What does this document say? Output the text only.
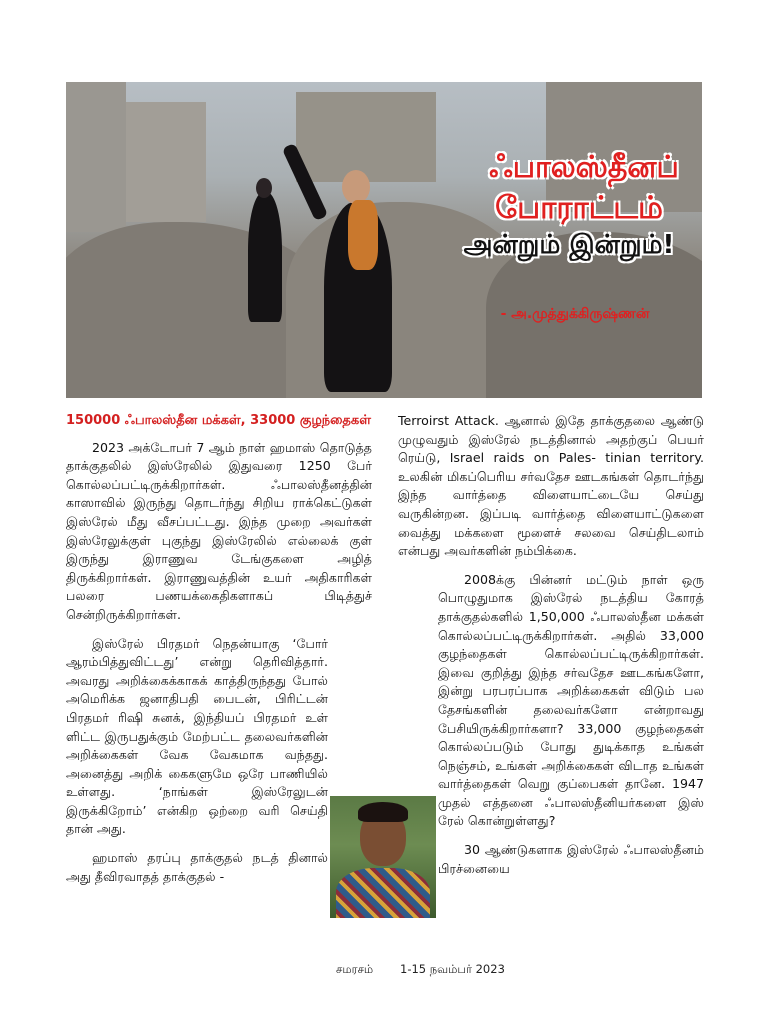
ஃபாலஸ்தீனப்
போராட்டம்
அன்றும் இன்றும்!
- அ.முத்துக்கிருஷ்ணன்
150000 ஃபாலஸ்தீன மக்கள், 33000 குழந்தைகள்

2023 அக்டோபர் 7 ஆம் நாள் ஹமாஸ் தொடுத்த தாக்குதலில் இஸ்ரேலில் இதுவரை 1250 பேர் கொல்லப்பட்டிருக்கிறார்கள். ஃபாலஸ்தீனத்தின் காஸாவில் இருந்து தொடர்ந்து சிறிய ராக்கெட்டுகள் இஸ்ரேல் மீது வீசப்பட்டது. இந்த முறை அவர்கள் இஸ்ரேலுக்குள் புகுந்து இஸ்ரேலில் எல்லைக் குள் இருந்து இராணுவ டேங்குகளை அழித் திருக்கிறார்கள். இராணுவத்தின் உயர் அதிகாரிகள் பலரை பணயக்கைதிகளாகப் பிடித்துச் சென்றிருக்கிறார்கள்.

இஸ்ரேல் பிரதமர் நெதன்யாகு ‘போர் ஆரம்பித்துவிட்டது’ என்று தெரிவித்தார். அவரது அறிக்கைக்காகக் காத்திருந்தது போல் அமெரிக்க ஜனாதிபதி பைடன், பிரிட்டன் பிரதமர் ரிஷி சுனக், இந்தியப் பிரதமர் உள் ளிட்ட இருபதுக்கும் மேற்பட்ட தலைவர்களின் அறிக்கைகள் வேக வேகமாக வந்தது. அனைத்து அறிக் கைகளுமே ஒரே பாணியில் உள்ளது. ‘நாங்கள் இஸ்ரேலுடன் இருக்கிறோம்’ என்கிற ஒற்றை வரி செய்தி தான் அது.

ஹமாஸ் தரப்பு தாக்குதல் நடத் தினால் அது தீவிரவாதத் தாக்குதல் -

Terroirst Attack. ஆனால் இதே தாக்குதலை ஆண்டு முழுவதும் இஸ்ரேல் நடத்தினால் அதற்குப் பெயர் ரெய்டு, Israel raids on Pales- tinian territory. உலகின் மிகப்பெரிய சர்வதேச ஊடகங்கள் தொடர்ந்து இந்த வார்த்தை விளையாட்டையே செய்து வருகின்றன. இப்படி வார்த்தை விளையாட்டுகளை வைத்து மக்களை மூளைச் சலவை செய்திடலாம் என்பது அவர்களின் நம்பிக்கை.

2008க்கு பின்னர் மட்டும் நாள் ஒரு பொழுதுமாக இஸ்ரேல் நடத்திய கோரத் தாக்குதல்களில் 1,50,000 ஃபாலஸ்தீன மக்கள் கொல்லப்பட்டிருக்கிறார்கள். அதில் 33,000 குழந்தைகள் கொல்லப்பட்டிருக்கிறார்கள். இவை குறித்து இந்த சர்வதேச ஊடகங்களோ, இன்று பரபரப்பாக அறிக்கைகள் விடும் பல தேசங்களின் தலைவர்களோ என்றாவது பேசியிருக்கிறார்களா? 33,000 குழந்தைகள் கொல்லப்படும் போது துடிக்காத உங்கள் நெஞ்சம், உங்கள் அறிக்கைகள் விடாத உங்கள் வார்த்தைகள் வெறு குப்பைகள் தானே. 1947 முதல் எத்தனை ஃபாலஸ்தீனியர்களை இஸ் ரேல் கொன்றுள்ளது?

30 ஆண்டுகளாக இஸ்ரேல் ஃபாலஸ்தீனம் பிரச்னையை

சமரசம் 1-15 நவம்பர் 2023
